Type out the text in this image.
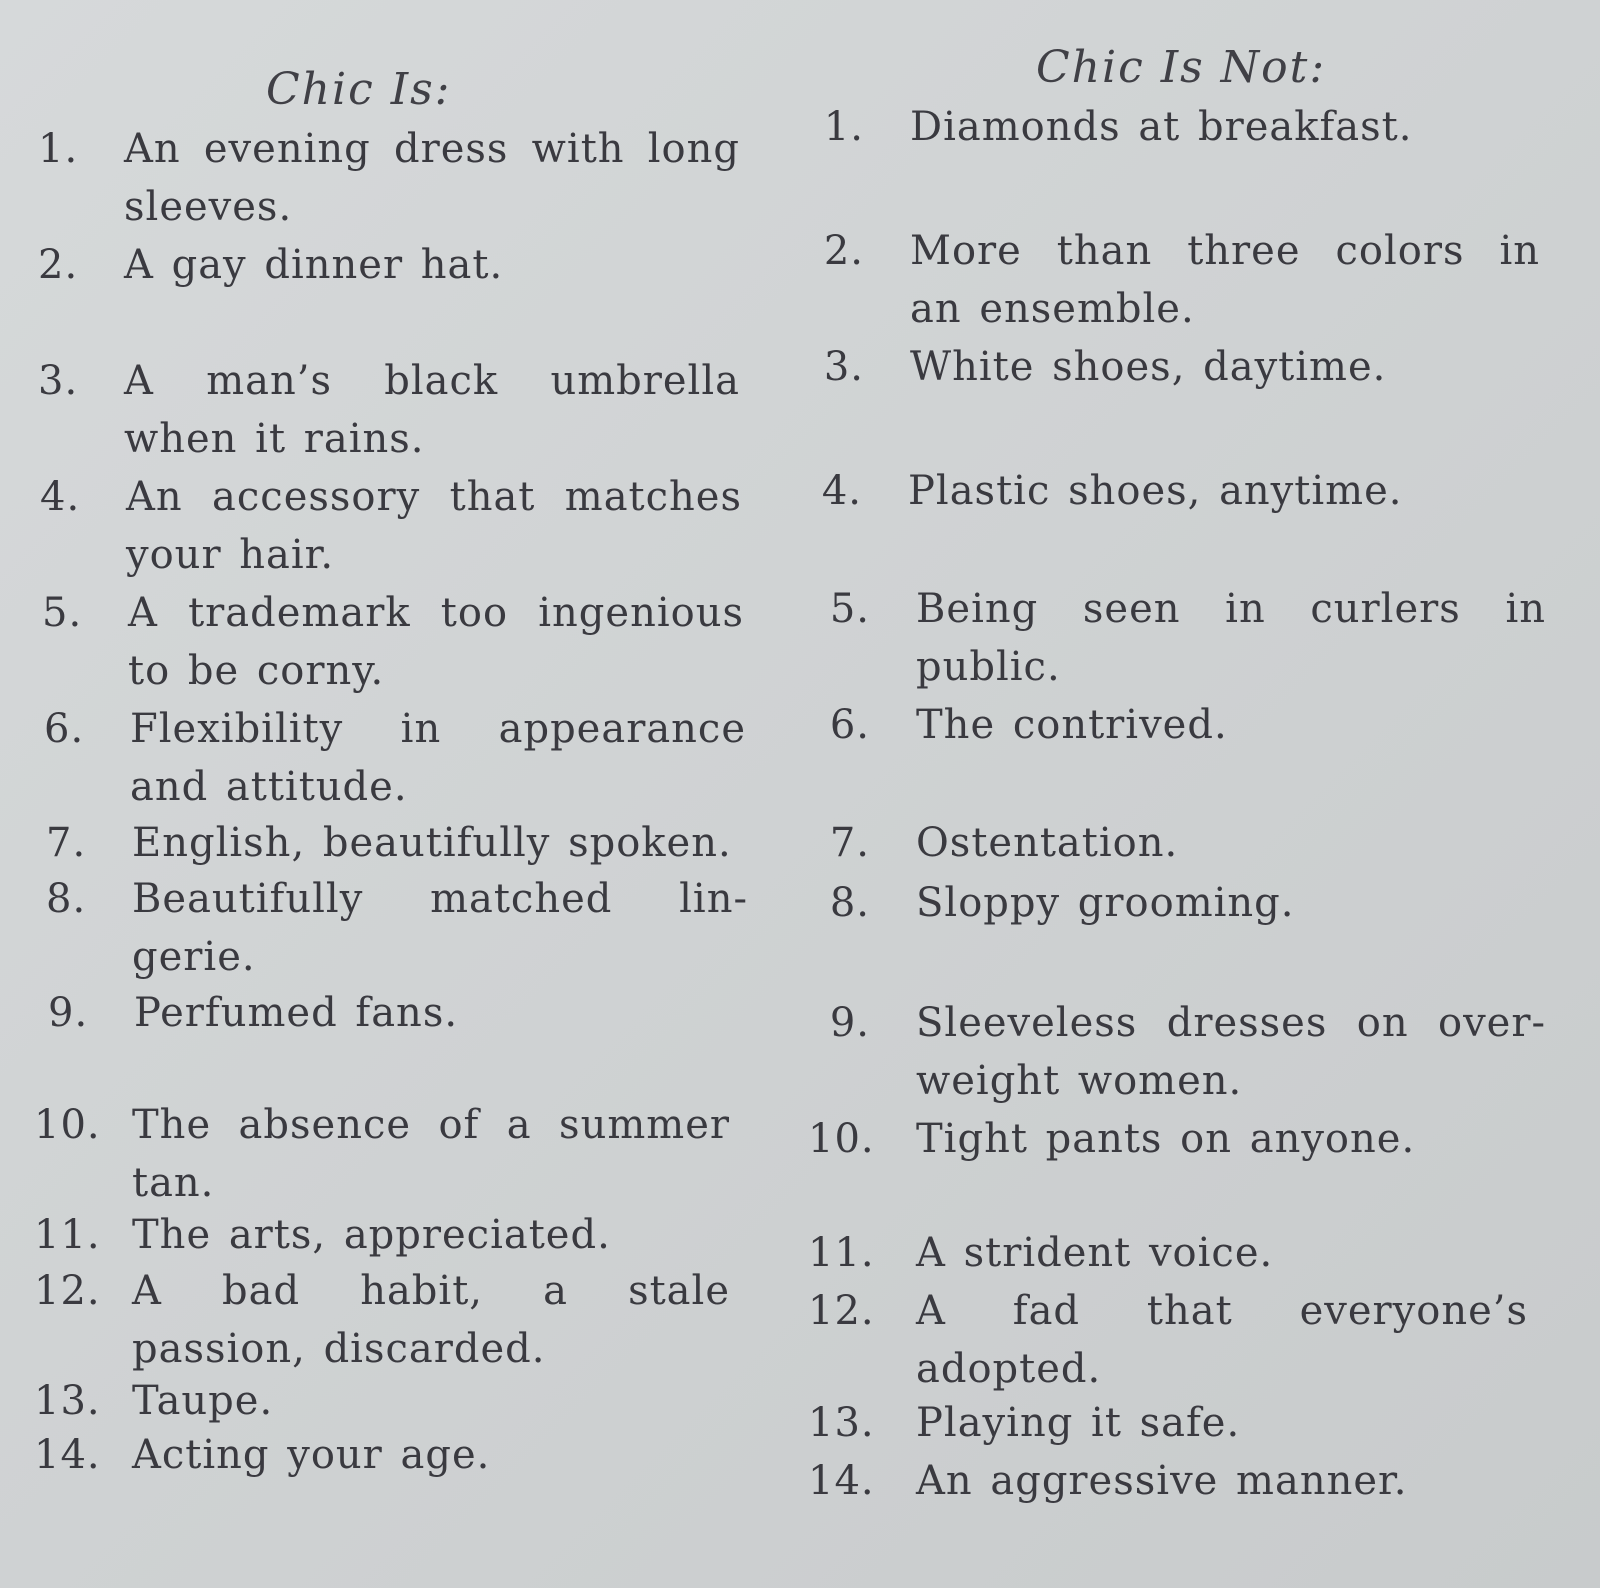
Chic Is:	Chic Is Not:
1. An evening dress with long sleeves.
2. A gay dinner hat.
3. A man’s black umbrella when it rains.
4. An accessory that matches your hair.
5. A trademark too ingenious to be corny.
6. Flexibility in appearance and attitude.
7. English, beautifully spoken.
8. Beautifully matched lin-gerie.
9. Perfumed fans.
10. The absence of a summer tan.
11. The arts, appreciated.
12. A bad habit, a stale passion, discarded.
13. Taupe.
14. Acting your age.
1. Diamonds at breakfast.
2. More than three colors in an ensemble.
3. White shoes, daytime.
4. Plastic shoes, anytime.
5. Being seen in curlers in public.
6. The contrived.
7. Ostentation.
8. Sloppy grooming.
9. Sleeveless dresses on over-weight women.
10. Tight pants on anyone.
11. A strident voice.
12. A fad that everyone’s adopted.
13. Playing it safe.
14. An aggressive manner.
